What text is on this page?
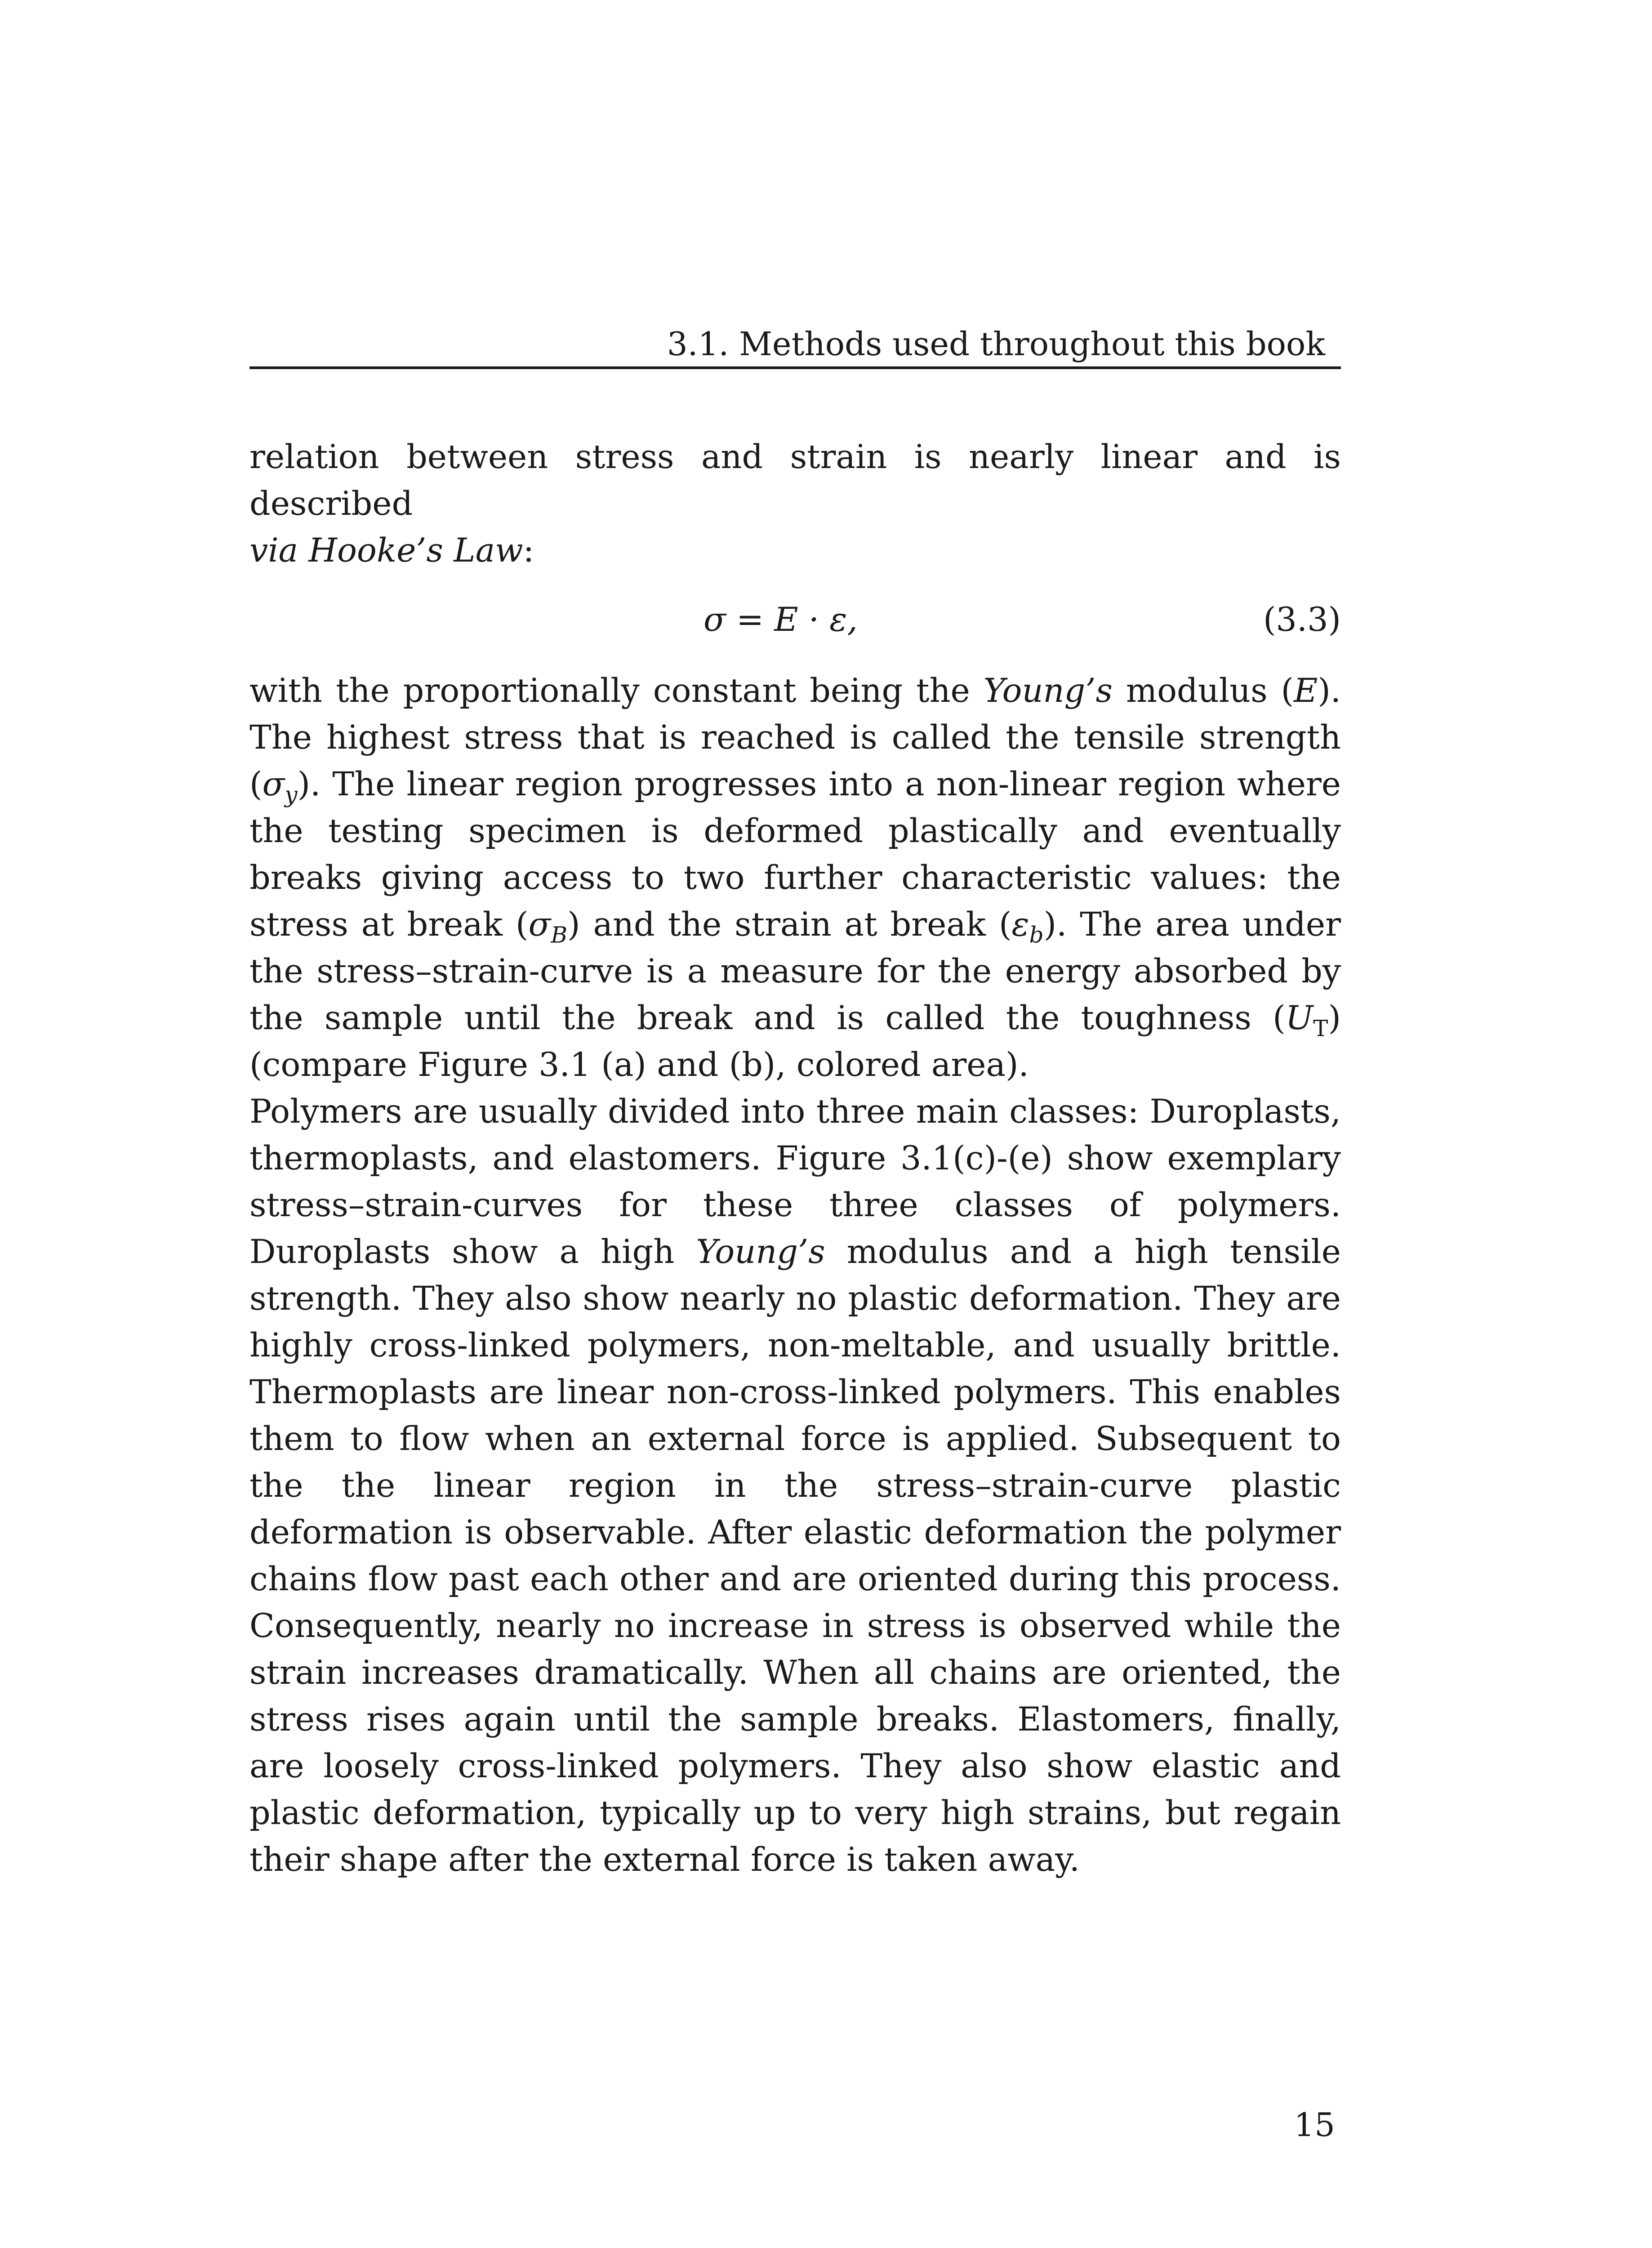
3.1. Methods used throughout this book

relation between stress and strain is nearly linear and is described
via Hooke’s Law:

σ = E · ε,	(3.3)

with the proportionally constant being the Young’s modulus (E). The highest stress that is reached is called the tensile strength $(\sigma_y)$. The linear region progresses into a non-linear region where the testing specimen is deformed plastically and eventually breaks giving access to two further characteristic values: the stress at break $(\sigma_B)$ and the strain at break $(\varepsilon_b)$. The area under the stress–strain-curve is a measure for the energy absorbed by the sample until the break and is called the toughness $(U_T)$ (compare Figure 3.1 (a) and (b), colored area).

Polymers are usually divided into three main classes: Duroplasts, thermoplasts, and elastomers. Figure 3.1(c)-(e) show exemplary stress–strain-curves for these three classes of polymers. Duroplasts show a high Young’s modulus and a high tensile strength. They also show nearly no plastic deformation. They are highly cross-linked polymers, non-meltable, and usually brittle. Thermoplasts are linear non-cross-linked polymers. This enables them to flow when an external force is applied. Subsequent to the the linear region in the stress–strain-curve plastic deformation is observable. After elastic deformation the polymer chains flow past each other and are oriented during this process. Consequently, nearly no increase in stress is observed while the strain increases dramatically. When all chains are oriented, the stress rises again until the sample breaks. Elastomers, finally, are loosely cross-linked polymers. They also show elastic and plastic deformation, typically up to very high strains, but regain their shape after the external force is taken away.

15
